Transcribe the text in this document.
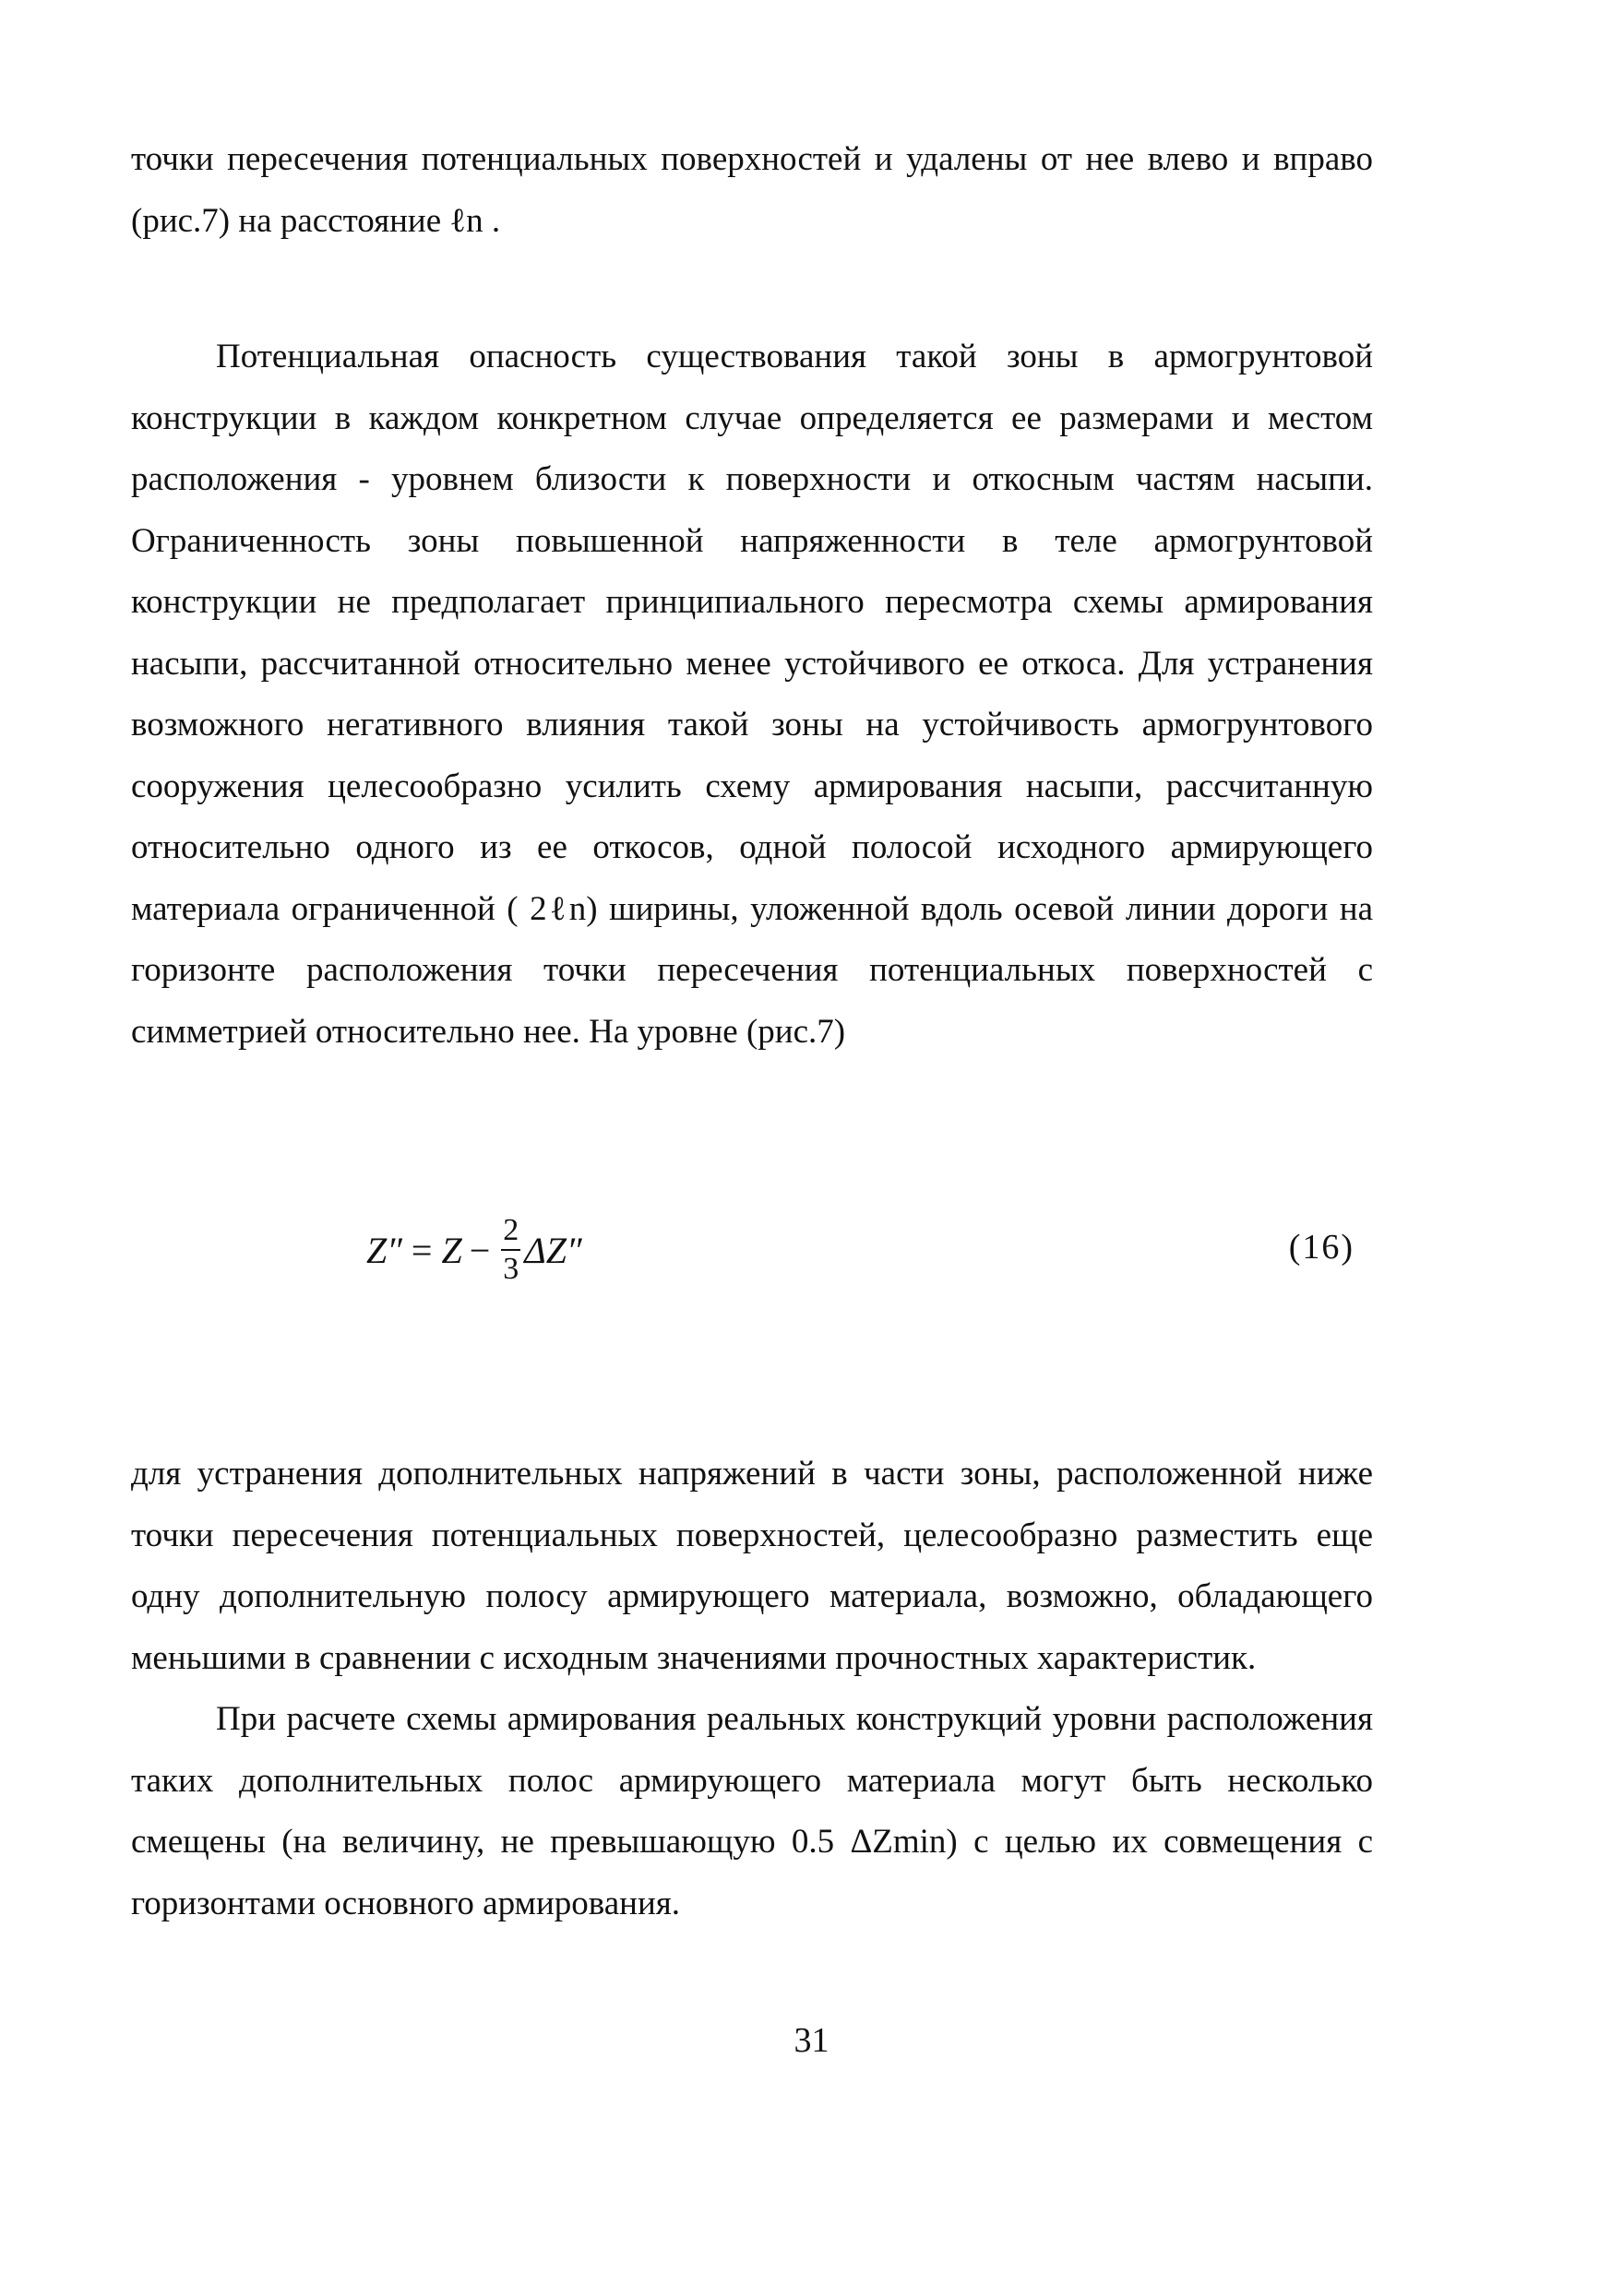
точки пересечения потенциальных поверхностей и удалены от нее влево и вправо (рис.7) на расстояние ℓn .

Потенциальная опасность существования такой зоны в армогрунтовой конструкции в каждом конкретном случае определяется ее размерами и местом расположения - уровнем близости к поверхности и откосным частям насыпи. Ограниченность зоны повышенной напряженности в теле армогрунтовой конструкции не предполагает принципиального пересмотра схемы армирования насыпи, рассчитанной относительно менее устойчивого ее откоса. Для устранения возможного негативного влияния такой зоны на устойчивость армогрунтового сооружения целесообразно усилить схему армирования насыпи, рассчитанную относительно одного из ее откосов, одной полосой исходного армирующего материала ограниченной ( 2ℓn) ширины, уложенной вдоль осевой линии дороги на горизонте расположения точки пересечения потенциальных поверхностей с симметрией относительно нее. На уровне (рис.7)

$Z'' = Z - \frac{2}{3} \Delta Z''$	(16)

для устранения дополнительных напряжений в части зоны, расположенной ниже точки пересечения потенциальных поверхностей, целесообразно разместить еще одну дополнительную полосу армирующего материала, возможно, обладающего меньшими в сравнении с исходным значениями прочностных характеристик.

При расчете схемы армирования реальных конструкций уровни расположения таких дополнительных полос армирующего материала могут быть несколько смещены (на величину, не превышающую 0.5 ΔZmin) с целью их совмещения с горизонтами основного армирования.

31
